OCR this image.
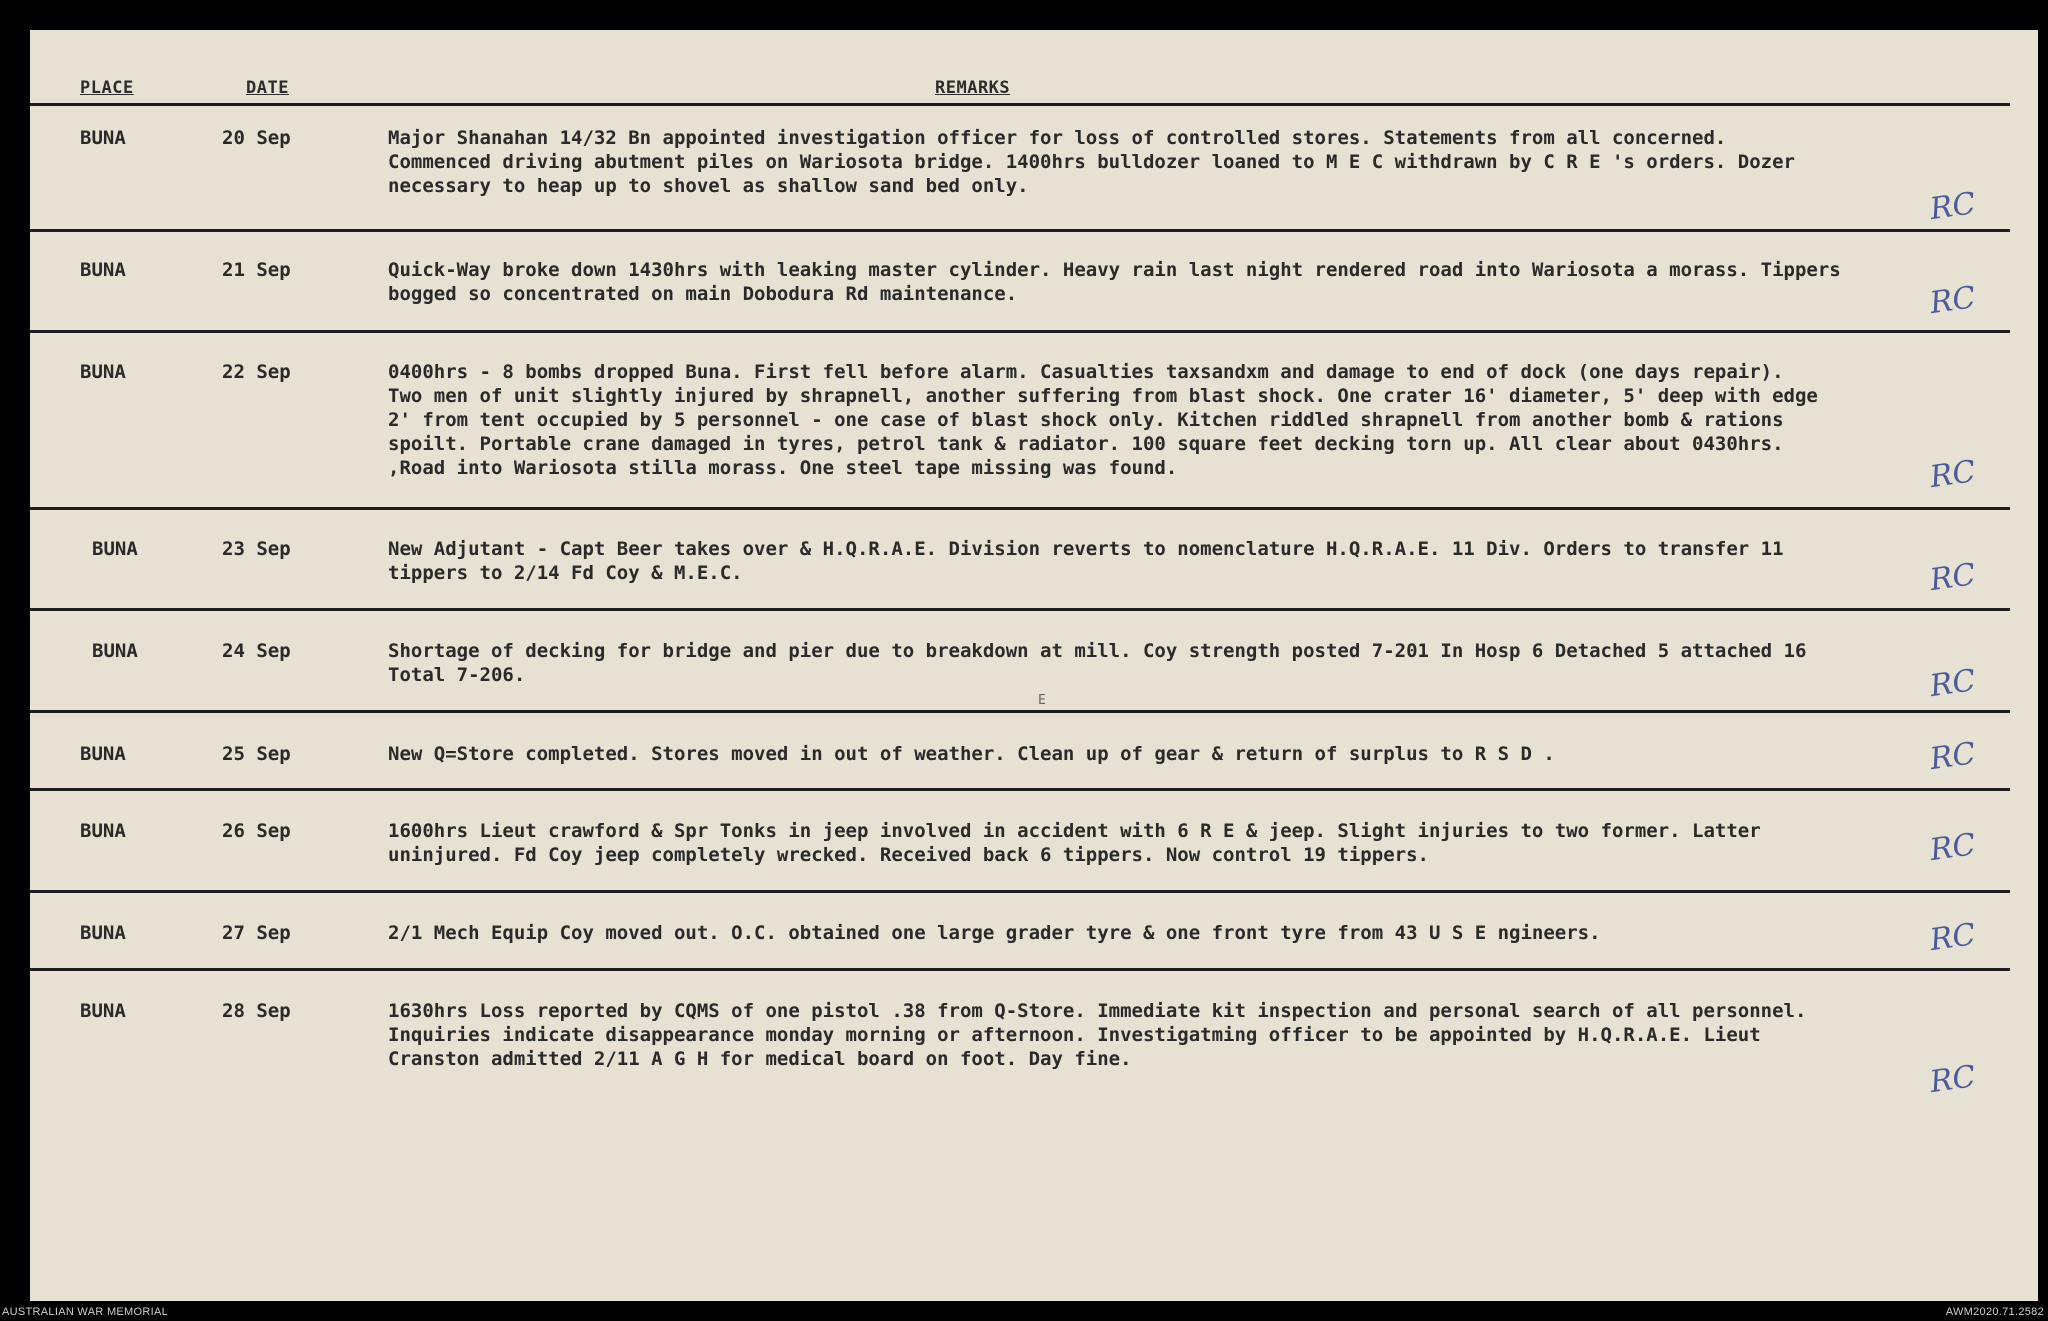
PLACE	DATE	REMARKS
BUNA	20 Sep	Major Shanahan 14/32 Bn appointed investigation officer for loss of controlled stores. Statements from all concerned.
Commenced driving abutment piles on Wariosota bridge. 1400hrs bulldozer loaned to M E C withdrawn by C R E 's orders. Dozer
necessary to heap up to shovel as shallow sand bed only.
RC
BUNA	21 Sep	Quick-Way broke down 1430hrs with leaking master cylinder. Heavy rain last night rendered road into Wariosota a morass. Tippers
bogged so concentrated on main Dobodura Rd maintenance.	RC
BUNA	22 Sep	0400hrs - 8 bombs dropped Buna. First fell before alarm. Casualties taxsandxm and damage to end of dock (one days repair).
Two men of unit slightly injured by shrapnell, another suffering from blast shock. One crater 16' diameter, 5' deep with edge
2' from tent occupied by 5 personnel - one case of blast shock only. Kitchen riddled shrapnell from another bomb & rations
spoilt. Portable crane damaged in tyres, petrol tank & radiator. 100 square feet decking torn up. All clear about 0430hrs.
,Road into Wariosota stilla morass. One steel tape missing was found.	RC
BUNA	23 Sep	New Adjutant - Capt Beer takes over & H.Q.R.A.E. Division reverts to nomenclature H.Q.R.A.E. 11 Div. Orders to transfer 11
tippers to 2/14 Fd Coy & M.E.C.	RC
BUNA	24 Sep	Shortage of decking for bridge and pier due to breakdown at mill. Coy strength posted 7-201 In Hosp 6 Detached 5 attached 16
Total 7-206.	RC
E
BUNA	25 Sep	New Q=Store completed. Stores moved in out of weather. Clean up of gear & return of surplus to R S D .	RC
BUNA	26 Sep	1600hrs Lieut crawford & Spr Tonks in jeep involved in accident with 6 R E & jeep. Slight injuries to two former. Latter
uninjured. Fd Coy jeep completely wrecked. Received back 6 tippers. Now control 19 tippers.	RC
BUNA	27 Sep	2/1 Mech Equip Coy moved out. O.C. obtained one large grader tyre & one front tyre from 43 U S E ngineers.	RC
BUNA	28 Sep	1630hrs Loss reported by CQMS of one pistol .38 from Q-Store. Immediate kit inspection and personal search of all personnel.
Inquiries indicate disappearance monday morning or afternoon. Investigatming officer to be appointed by H.Q.R.A.E. Lieut
Cranston admitted 2/11 A G H for medical board on foot. Day fine.
RC
AUSTRALIAN WAR MEMORIAL	AWM2020.71.2582
